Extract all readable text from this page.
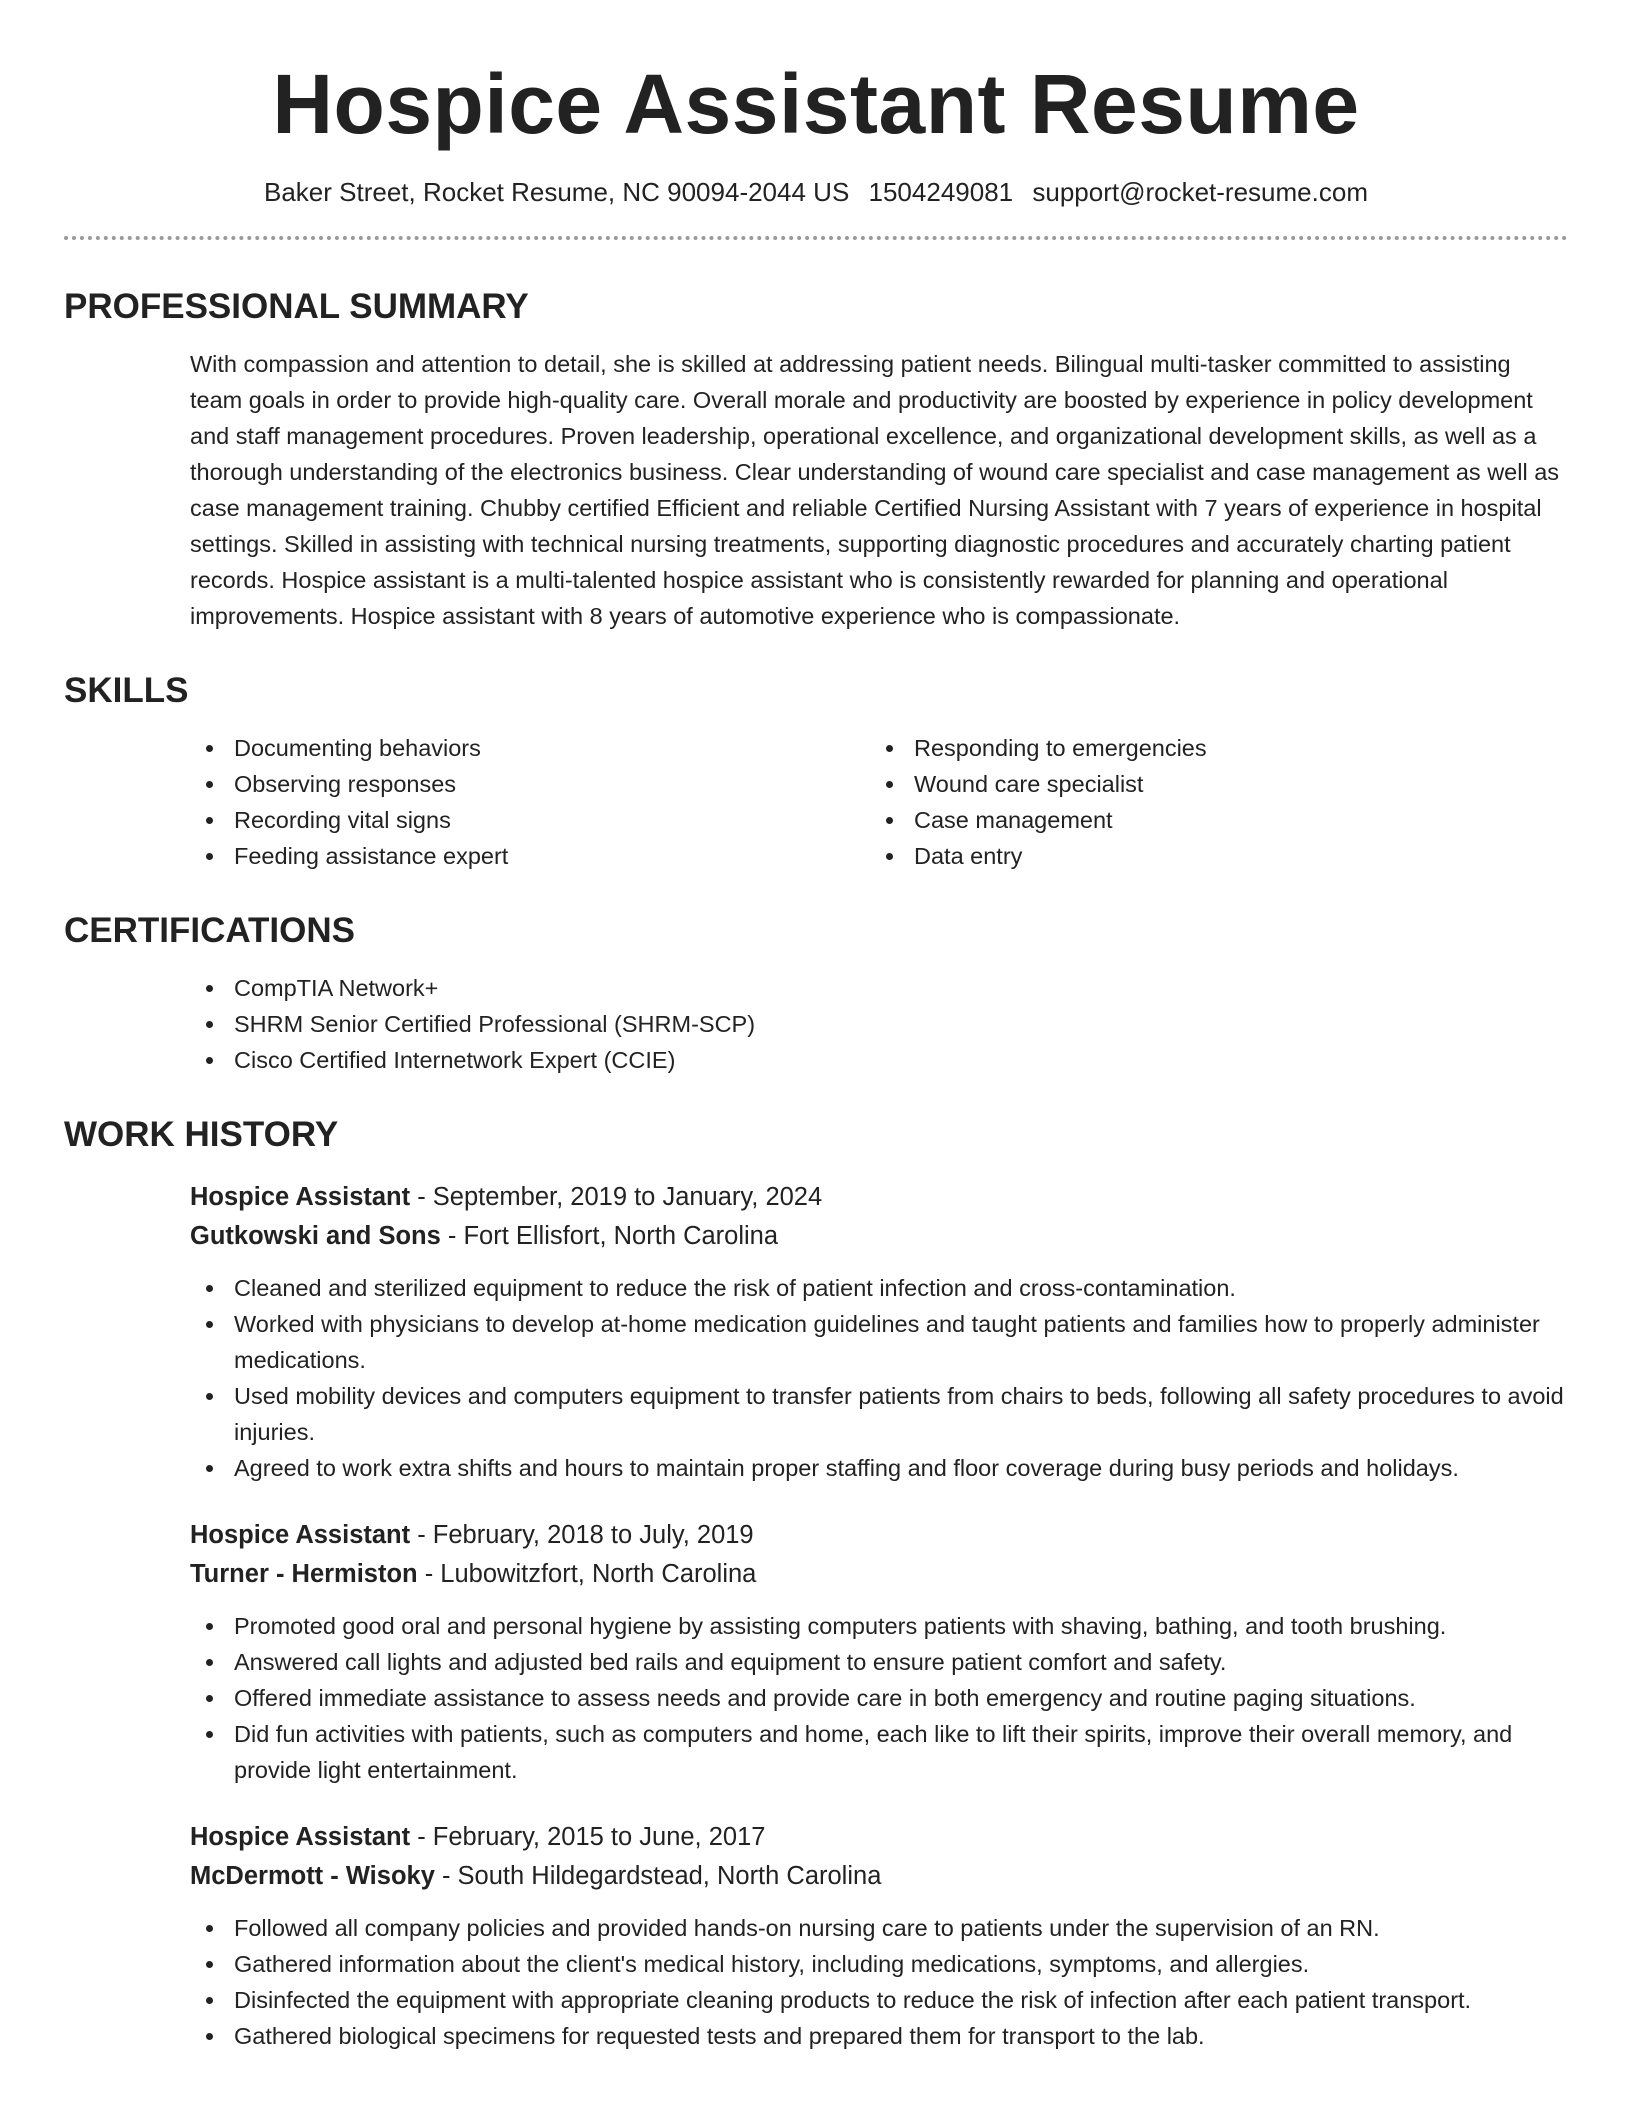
Hospice Assistant Resume
Baker Street, Rocket Resume, NC 90094-2044 US 1504249081 support@rocket-resume.com
PROFESSIONAL SUMMARY

With compassion and attention to detail, she is skilled at addressing patient needs. Bilingual multi-tasker committed to assisting team goals in order to provide high-quality care. Overall morale and productivity are boosted by experience in policy development and staff management procedures. Proven leadership, operational excellence, and organizational development skills, as well as a thorough understanding of the electronics business. Clear understanding of wound care specialist and case management as well as case management training. Chubby certified Efficient and reliable Certified Nursing Assistant with 7 years of experience in hospital settings. Skilled in assisting with technical nursing treatments, supporting diagnostic procedures and accurately charting patient records. Hospice assistant is a multi-talented hospice assistant who is consistently rewarded for planning and operational improvements. Hospice assistant with 8 years of automotive experience who is compassionate.

SKILLS
Documenting behaviors
Observing responses
Recording vital signs
Feeding assistance expert
Responding to emergencies
Wound care specialist
Case management
Data entry
CERTIFICATIONS
CompTIA Network+
SHRM Senior Certified Professional (SHRM-SCP)
Cisco Certified Internetwork Expert (CCIE)
WORK HISTORY
Hospice Assistant - September, 2019 to January, 2024
Gutkowski and Sons - Fort Ellisfort, North Carolina
Cleaned and sterilized equipment to reduce the risk of patient infection and cross-contamination.
Worked with physicians to develop at-home medication guidelines and taught patients and families how to properly administer medications.
Used mobility devices and computers equipment to transfer patients from chairs to beds, following all safety procedures to avoid injuries.
Agreed to work extra shifts and hours to maintain proper staffing and floor coverage during busy periods and holidays.
Hospice Assistant - February, 2018 to July, 2019
Turner - Hermiston - Lubowitzfort, North Carolina
Promoted good oral and personal hygiene by assisting computers patients with shaving, bathing, and tooth brushing.
Answered call lights and adjusted bed rails and equipment to ensure patient comfort and safety.
Offered immediate assistance to assess needs and provide care in both emergency and routine paging situations.
Did fun activities with patients, such as computers and home, each like to lift their spirits, improve their overall memory, and provide light entertainment.
Hospice Assistant - February, 2015 to June, 2017
McDermott - Wisoky - South Hildegardstead, North Carolina
Followed all company policies and provided hands-on nursing care to patients under the supervision of an RN.
Gathered information about the client's medical history, including medications, symptoms, and allergies.
Disinfected the equipment with appropriate cleaning products to reduce the risk of infection after each patient transport.
Gathered biological specimens for requested tests and prepared them for transport to the lab.
